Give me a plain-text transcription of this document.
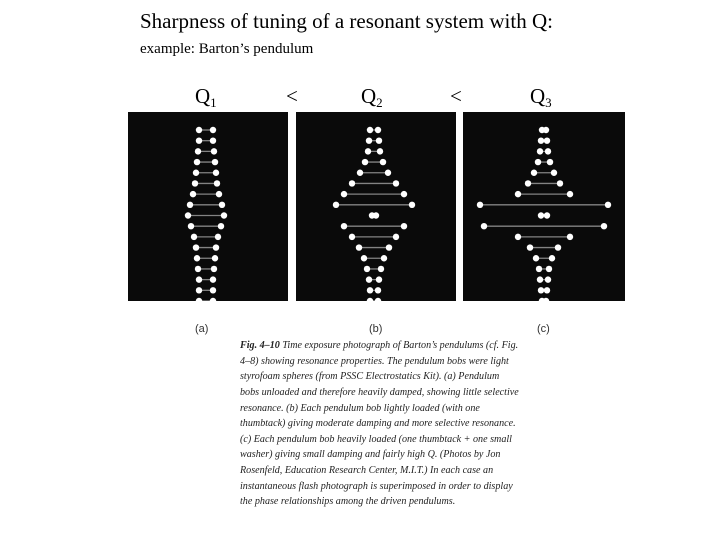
Sharpness of tuning of a resonant system with Q:
example: Barton’s pendulum
$Q_1$	<	$Q_2$	<	$Q_3$
(a)	(b)	(c)
Fig. 4–10 Time exposure photograph of Barton’s pendulums (cf. Fig. 4–8) showing resonance properties. The pendulum bobs were light styrofoam spheres (from PSSC Electrostatics Kit). (a) Pendulum bobs unloaded and therefore heavily damped, showing little selective resonance. (b) Each pendulum bob lightly loaded (with one thumbtack) giving moderate damping and more selective resonance. (c) Each pendulum bob heavily loaded (one thumbtack + one small washer) giving small damping and fairly high Q. (Photos by Jon Rosenfeld, Education Research Center, M.I.T.) In each case an instantaneous flash photograph is superimposed in order to display the phase relationships among the driven pendulums.
